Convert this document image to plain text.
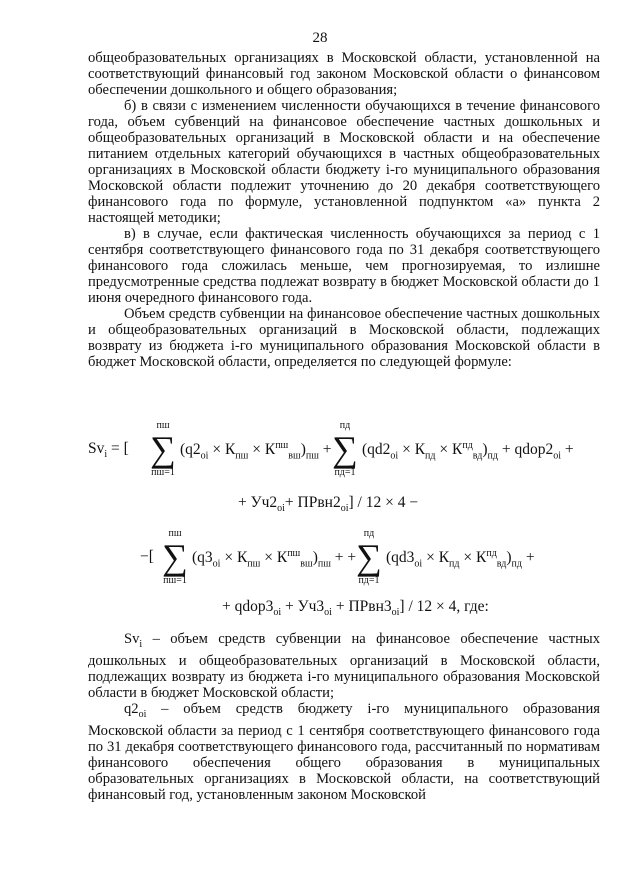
28

общеобразовательных организациях в Московской области, установленной на соответствующий финансовый год законом Московской области о финансовом обеспечении дошкольного и общего образования;

б) в связи с изменением численности обучающихся в течение финансового года, объем субвенций на финансовое обеспечение частных дошкольных и общеобразовательных организаций в Московской области и на обеспечение питанием отдельных категорий обучающихся в частных общеобразовательных организациях в Московской области бюджету i-го муниципального образования Московской области подлежит уточнению до 20 декабря соответствующего финансового года по формуле, установленной подпунктом «а» пункта 2 настоящей методики;

в) в случае, если фактическая численность обучающихся за период с 1 сентября соответствующего финансового года по 31 декабря соответствующего финансового года сложилась меньше, чем прогнозируемая, то излишне предусмотренные средства подлежат возврату в бюджет Московской области до 1 июня очередного финансового года.

Объем средств субвенции на финансовое обеспечение частных дошкольных и общеобразовательных организаций в Московской области, подлежащих возврату из бюджета i-го муниципального образования Московской области в бюджет Московской области, определяется по следующей формуле:

$Sv_i$ = [
пш
∑
пш=1
$(q2_{oi} \times К_{пш} \times К^{пш}_{вш})_{пш}$ +
пд
∑
пд=1
$(qd2_{oi} \times К_{пд} \times К^{пд}_{вд})_{пд}$ + $qdop2_{oi}$ +
+ $Уч2_{oi}+$ $ПРвн2_{oi}] / 12 \times 4$ −
−[
пш
∑
пш=1
$(q3_{oi} \times К_{пш} \times К^{пш}_{вш})_{пш}$ + +
пд
∑
пд=1
$(qd3_{oi} \times К_{пд} \times К^{пд}_{вд})_{пд}$ +
+ $qdop3_{oi} + Уч3_{oi}$ + $ПРвн3_{oi}] / 12 \times 4$, где:

$Sv_i$ – объем средств субвенции на финансовое обеспечение частных дошкольных и общеобразовательных организаций в Московской области, подлежащих возврату из бюджета i-го муниципального образования Московской области в бюджет Московской области;

$q2_{oi}$ – объем средств бюджету i-го муниципального образования Московской области за период с 1 сентября соответствующего финансового года по 31 декабря соответствующего финансового года, рассчитанный по нормативам финансового обеспечения общего образования в муниципальных образовательных организациях в Московской области, на соответствующий финансовый год, установленным законом Московской
